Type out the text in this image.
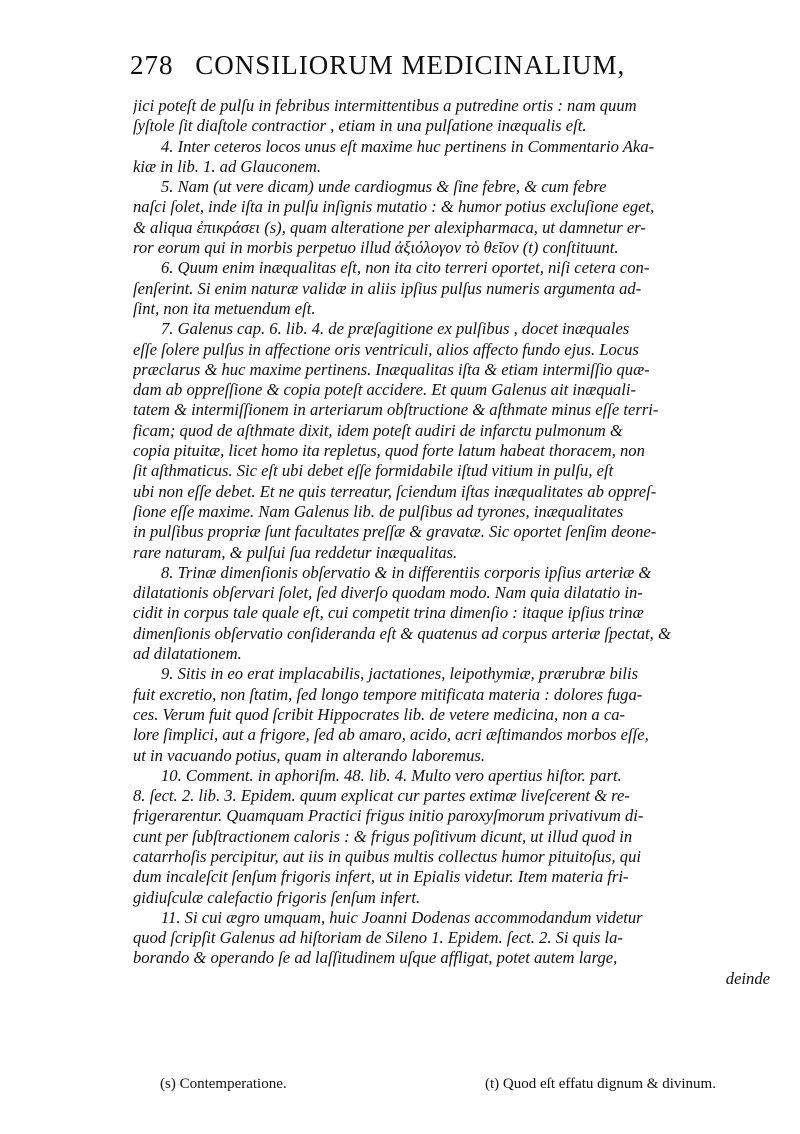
278 CONSILIORUM MEDICINALIUM,
jici poteſt de pulſu in febribus intermittentibus a putredine ortis : nam quum
ſyſtole ſit diaſtole contractior , etiam in una pulſatione inæqualis eſt.
4. Inter ceteros locos unus eſt maxime huc pertinens in Commentario Aka-
kiæ in lib. 1. ad Glauconem.
5. Nam (ut vere dicam) unde cardiogmus & ſine febre, & cum febre
naſci ſolet, inde iſta in pulſu inſignis mutatio : & humor potius excluſione eget,
& aliqua ἐπικράσει (s), quam alteratione per alexipharmaca, ut damnetur er-
ror eorum qui in morbis perpetuo illud ἀξιόλογον τὸ θεῖον (t) conſtituunt.
6. Quum enim inæqualitas eſt, non ita cito terreri oportet, niſi cetera con-
ſenſerint. Si enim naturæ validæ in aliis ipſius pulſus numeris argumenta ad-
ſint, non ita metuendum eſt.
7. Galenus cap. 6. lib. 4. de præſagitione ex pulſibus , docet inæquales
eſſe ſolere pulſus in affectione oris ventriculi, alios affecto fundo ejus. Locus
præclarus & huc maxime pertinens. Inæqualitas iſta & etiam intermiſſio quæ-
dam ab oppreſſione & copia poteſt accidere. Et quum Galenus ait inæquali-
tatem & intermiſſionem in arteriarum obſtructione & aſthmate minus eſſe terri-
ficam; quod de aſthmate dixit, idem poteſt audiri de infarctu pulmonum &
copia pituitæ, licet homo ita repletus, quod forte latum habeat thoracem, non
ſit aſthmaticus. Sic eſt ubi debet eſſe formidabile iſtud vitium in pulſu, eſt
ubi non eſſe debet. Et ne quis terreatur, ſciendum iſtas inæqualitates ab oppreſ-
ſione eſſe maxime. Nam Galenus lib. de pulſibus ad tyrones, inæqualitates
in pulſibus propriæ ſunt facultates preſſæ & gravatæ. Sic oportet ſenſim deone-
rare naturam, & pulſui ſua reddetur inæqualitas.
8. Trinæ dimenſionis obſervatio & in differentiis corporis ipſius arteriæ &
dilatationis obſervari ſolet, ſed diverſo quodam modo. Nam quia dilatatio in-
cidit in corpus tale quale eſt, cui competit trina dimenſio : itaque ipſius trinæ
dimenſionis obſervatio conſideranda eſt & quatenus ad corpus arteriæ ſpectat, &
ad dilatationem.
9. Sitis in eo erat implacabilis, jactationes, leipothymiæ, prærubræ bilis
fuit excretio, non ſtatim, ſed longo tempore mitificata materia : dolores fuga-
ces. Verum fuit quod ſcribit Hippocrates lib. de vetere medicina, non a ca-
lore ſimplici, aut a frigore, ſed ab amaro, acido, acri æſtimandos morbos eſſe,
ut in vacuando potius, quam in alterando laboremus.
10. Comment. in aphoriſm. 48. lib. 4. Multo vero apertius hiſtor. part.
8. ſect. 2. lib. 3. Epidem. quum explicat cur partes extimæ liveſcerent & re-
frigerarentur. Quamquam Practici frigus initio paroxyſmorum privativum di-
cunt per ſubſtractionem caloris : & frigus poſitivum dicunt, ut illud quod in
catarrhoſis percipitur, aut iis in quibus multis collectus humor pituitoſus, qui
dum incaleſcit ſenſum frigoris infert, ut in Epialis videtur. Item materia fri-
gidiuſculæ calefactio frigoris ſenſum infert.
11. Si cui ægro umquam, huic Joanni Dodenas accommodandum videtur
quod ſcripſit Galenus ad hiſtoriam de Sileno 1. Epidem. ſect. 2. Si quis la-
borando & operando ſe ad laſſitudinem uſque affligat, potet autem large,
deinde
(s) Contemperatione.	(t) Quod eſt effatu dignum & divinum.
